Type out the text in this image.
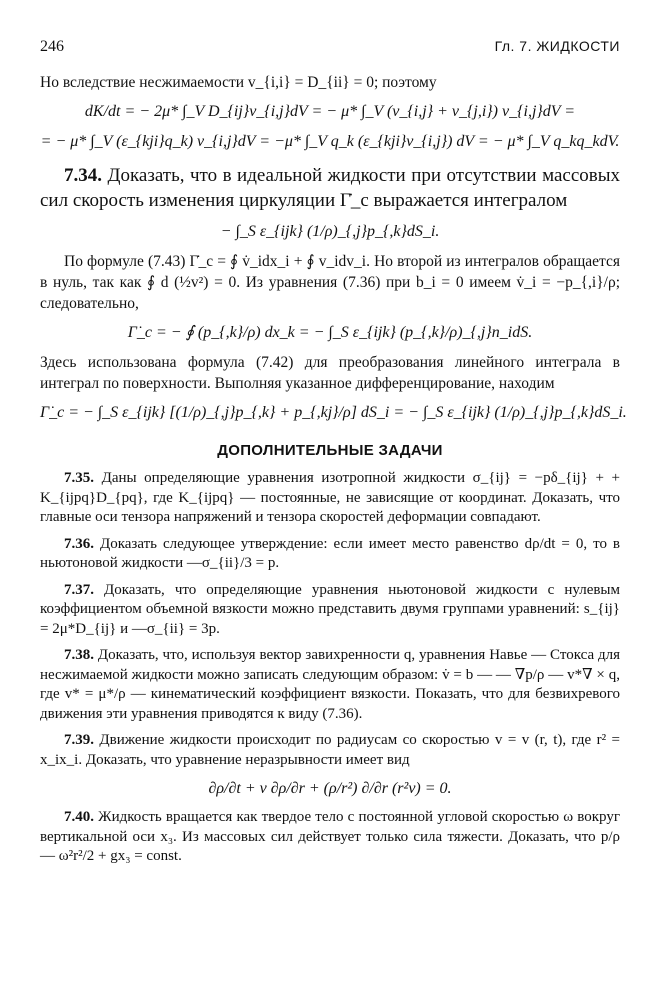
246	Гл. 7. ЖИДКОСТИ

Но вследствие несжимаемости v_{i,i} = D_{ii} = 0; поэтому

dK/dt = − 2μ* ∫_V D_{ij}v_{i,j}dV = − μ* ∫_V (v_{i,j} + v_{j,i}) v_{i,j}dV =
= − μ* ∫_V (ε_{kji}q_k) v_{i,j}dV = −μ* ∫_V q_k (ε_{kji}v_{i,j}) dV = − μ* ∫_V q_kq_kdV.
7.34. Доказать, что в идеальной жидкости при отсутствии массовых сил скорость изменения циркуляции Γ̇_c выражается интегралом
− ∫_S ε_{ijk} (1/ρ)_{,j}p_{,k}dS_i.

По формуле (7.43) Γ̇_c = ∮ v̇_idx_i + ∮ v_idv_i. Но второй из интегралов обращается в нуль, так как ∮ d (½v²) = 0. Из уравнения (7.36) при b_i = 0 имеем v̇_i = −p_{,i}/ρ; следовательно,

Γ̇_c = − ∮ (p_{,k}/ρ) dx_k = − ∫_S ε_{ijk} (p_{,k}/ρ)_{,j}n_idS.

Здесь использована формула (7.42) для преобразования линейного интеграла в интеграл по поверхности. Выполняя указанное дифференцирование, находим

Γ̇_c = − ∫_S ε_{ijk} [(1/ρ)_{,j}p_{,k} + p_{,kj}/ρ] dS_i = − ∫_S ε_{ijk} (1/ρ)_{,j}p_{,k}dS_i.
ДОПОЛНИТЕЛЬНЫЕ ЗАДАЧИ

7.35. Даны определяющие уравнения изотропной жидкости σ_{ij} = −pδ_{ij} + + K_{ijpq}D_{pq}, где K_{ijpq} — постоянные, не зависящие от координат. Доказать, что главные оси тензора напряжений и тензора скоростей деформации совпадают.

7.36. Доказать следующее утверждение: если имеет место равенство dρ/dt = 0, то в ньютоновой жидкости —σ_{ii}/3 = p.

7.37. Доказать, что определяющие уравнения ньютоновой жидкости с нулевым коэффициентом объемной вязкости можно представить двумя группами уравнений: s_{ij} = 2μ*D_{ij} и —σ_{ii} = 3p.

7.38. Доказать, что, используя вектор завихренности q, уравнения Навье — Стокса для несжимаемой жидкости можно записать следующим образом: v̇ = b — — ∇p/ρ — v*∇ × q, где v* = μ*/ρ — кинематический коэффициент вязкости. Показать, что для безвихревого движения эти уравнения приводятся к виду (7.36).

7.39. Движение жидкости происходит по радиусам со скоростью v = v (r, t), где r² = x_ix_i. Доказать, что уравнение неразрывности имеет вид

∂ρ/∂t + v ∂ρ/∂r + (ρ/r²) ∂/∂r (r²v) = 0.

7.40. Жидкость вращается как твердое тело с постоянной угловой скоростью ω вокруг вертикальной оси x₃. Из массовых сил действует только сила тяжести. Доказать, что p/ρ — ω²r²/2 + gx₃ = const.
